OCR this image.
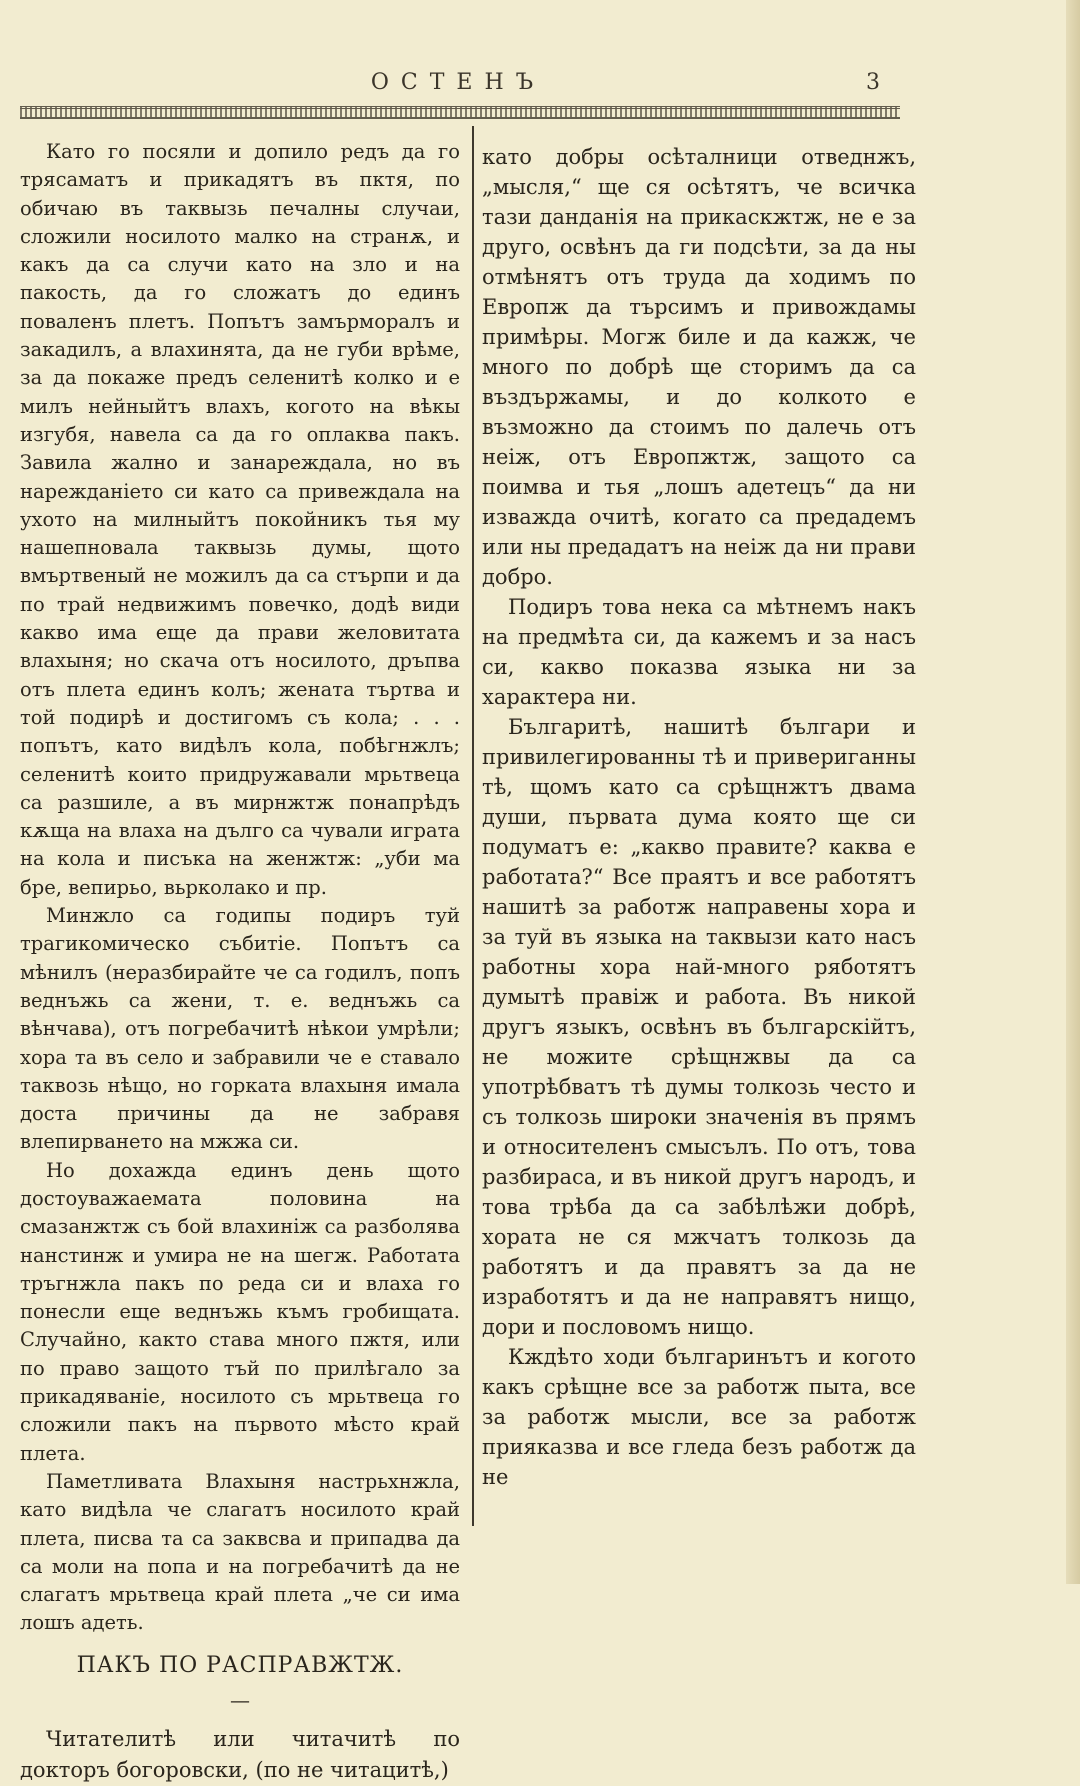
ОСТЕНЪ	3

Като го посяли и допило редъ да го трясаматъ и прикадятъ въ пктя, по обичаю въ таквызь печалны случаи, сложили носилото малко на странѫ, и какъ да са случи като на зло и на пакость, да го сложатъ до единъ поваленъ плетъ. Попътъ замърморалъ и закадилъ, а влахинята, да не губи врѣме, за да покаже предъ селенитѣ колко и е милъ нейныйтъ влахъ, когото на вѣкы изгубя, навела са да го оплаква пакъ. Завила жално и занареждала, но въ нарежданіето си като са привеждала на ухото на милныйтъ покойникъ тья му нашепновала таквызь думы, щото вмъртвеный не можилъ да са стърпи и да по трай недвижимъ повечко, додѣ види какво има еще да прави желовитата влахыня; но скача отъ носилото, дръпва отъ плета единъ колъ; жената търтва и той подирѣ и достигомъ съ кола; . . . попътъ, като видѣлъ кола, побѣгнжлъ; селенитѣ които придружавали мрьтвеца са разшиле, а въ мирнжтж понапрѣдъ кѫща на влаха на дълго са чували играта на кола и писъка на женжтж: „уби ма бре, вепирьо, вьрколако и пр.

Минжло са годипы подиръ туй трагикомическо събитіе. Попътъ са мѣнилъ (неразбирайте че са годилъ, попъ веднъжь са жени, т. е. веднъжь са вѣнчава), отъ погребачитѣ нѣкои умрѣли; хора та въ село и забравили че е ставало таквозь нѣщо, но горката влахыня имала доста причины да не забравя влепирването на мжжа си.

Но дохажда единъ день щото достоуважаемата половина на смазанжтж съ бой влахиніж са разболява нанстинж и умира не на шегж. Работата тръгнжла пакъ по реда си и влаха го понесли еще веднъжь къмъ гробищата. Случайно, както става много пжтя, или по право защото тъй по прилѣгало за прикадяваніе, носилото съ мрьтвеца го сложили пакъ на първото мѣсто край плета.

Паметливата Влахыня настрьхнжла, като видѣла че слагатъ носилото край плета, писва та са заквсва и припадва да са моли на попа и на погребачитѣ да не слагатъ мрьтвеца край плета „че си има лошъ адеть.

ПАКЪ ПО РАСПРАВЖТЖ.
—

Читателитѣ или читачитѣ по докторъ богоровски, (по не читацитѣ,)

като добры осѣталници отведнжъ, „мысля,“ ще ся осѣтятъ, че всичка тази данданія на прикаскжтж, не е за друго, освѣнъ да ги подсѣти, за да ны отмѣнятъ отъ труда да ходимъ по Европж да търсимъ и привождамы примѣры. Могж биле и да кажж, че много по добрѣ ще сторимъ да са въздържамы, и до колкото е възможно да стоимъ по далечь отъ неіж, отъ Европжтж, защото са поимва и тья „лошъ адетецъ“ да ни изважда очитѣ, когато са предадемъ или ны предадатъ на неіж да ни прави добро.

Подиръ това нека са мѣтнемъ накъ на предмѣта си, да кажемъ и за насъ си, какво показва языка ни за характера ни.

Българитѣ, нашитѣ българи и привилегированны тѣ и привериганны тѣ, щомъ като са срѣщнжтъ двама души, първата дума която ще си подуматъ е: „какво правите? каква е работата?“ Все праятъ и все работятъ нашитѣ за работж направены хора и за туй въ языка на таквызи като насъ работны хора най-много рябoтятъ думытѣ правіж и работа. Въ никой другъ языкъ, освѣнъ въ българскійтъ, не можите срѣщнжвы да са употрѣбватъ тѣ думы толкозь често и съ толкозь широки значенія въ прямъ и относителенъ смысълъ. По отъ, това разбираса, и въ никой другъ народъ, и това трѣба да са забѣлѣжи добрѣ, хората не ся мжчатъ толкозь да работятъ и да правятъ за да не изработятъ и да не направятъ нищо, дори и пословомъ нищо.

Кждѣто ходи българинътъ и когото какъ срѣщне все за работж пыта, все за работж мысли, все за работж прияказва и все гледа безъ работж да не
